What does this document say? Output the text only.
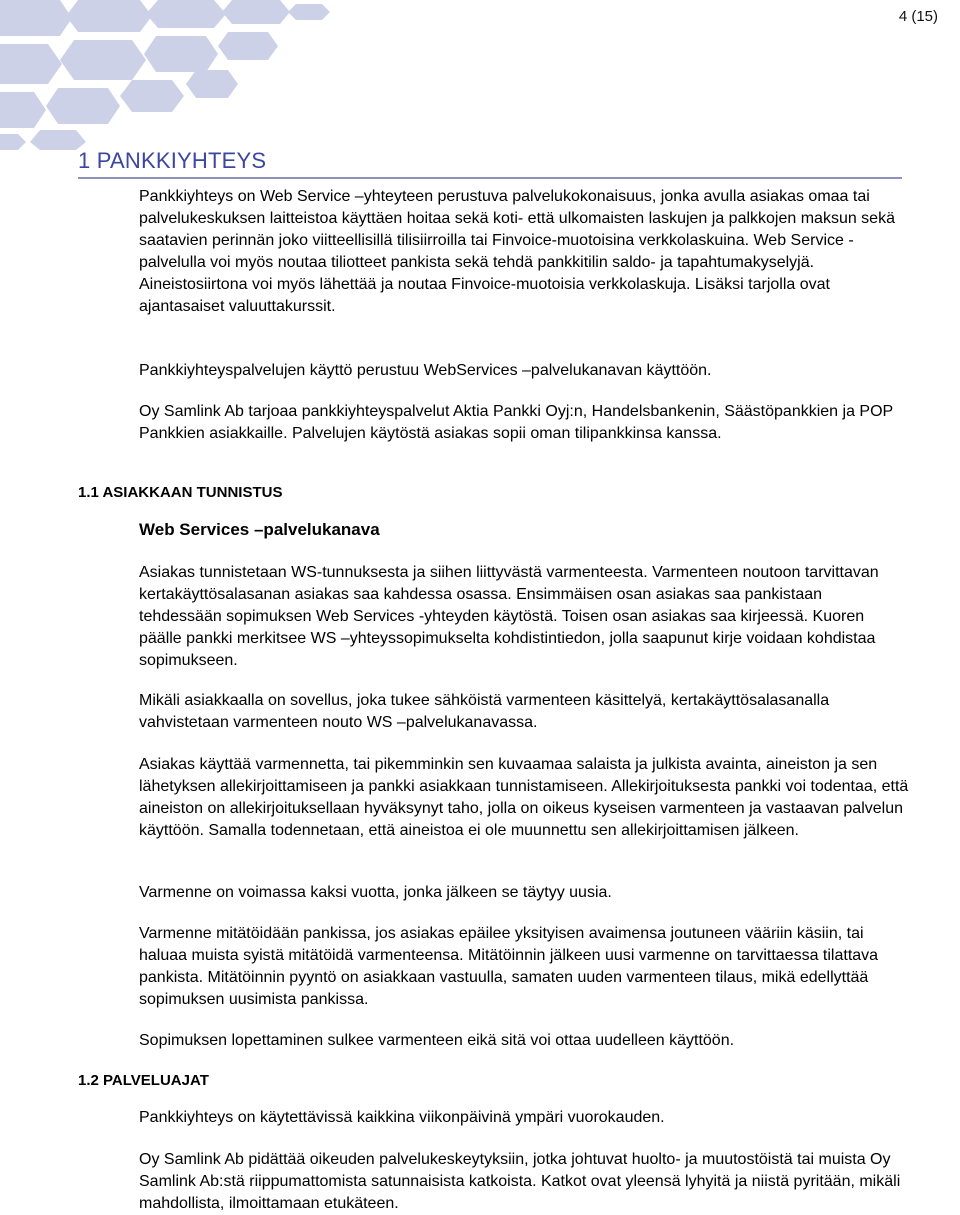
4 (15)
1 PANKKIYHTEYS
Pankkiyhteys on Web Service –yhteyteen perustuva palvelukokonaisuus, jonka avulla asiakas omaa tai palvelukeskuksen laitteistoa käyttäen hoitaa sekä koti- että ulkomaisten laskujen ja palkkojen maksun sekä saatavien perinnän joko viitteellisillä tilisiirroilla tai Finvoice-muotoisina verkkolaskuina. Web Service -palvelulla voi myös noutaa tiliotteet pankista sekä tehdä pankkitilin saldo- ja tapahtumakyselyjä. Aineistosiirtona voi myös lähettää ja noutaa Finvoice-muotoisia verkkolaskuja. Lisäksi tarjolla ovat ajantasaiset valuuttakurssit.
Pankkiyhteyspalvelujen käyttö perustuu WebServices –palvelukanavan käyttöön.
Oy Samlink Ab tarjoaa pankkiyhteyspalvelut Aktia Pankki Oyj:n, Handelsbankenin, Säästöpankkien ja POP Pankkien asiakkaille. Palvelujen käytöstä asiakas sopii oman tilipankkinsa kanssa.
1.1 ASIAKKAAN TUNNISTUS
Web Services –palvelukanava
Asiakas tunnistetaan WS-tunnuksesta ja siihen liittyvästä varmenteesta. Varmenteen noutoon tarvittavan kertakäyttösalasanan asiakas saa kahdessa osassa. Ensimmäisen osan asiakas saa pankistaan tehdessään sopimuksen Web Services -yhteyden käytöstä. Toisen osan asiakas saa kirjeessä. Kuoren päälle pankki merkitsee WS –yhteyssopimukselta kohdistintiedon, jolla saapunut kirje voidaan kohdistaa sopimukseen.
Mikäli asiakkaalla on sovellus, joka tukee sähköistä varmenteen käsittelyä, kertakäyttösalasanalla vahvistetaan varmenteen nouto WS –palvelukanavassa.
Asiakas käyttää varmennetta, tai pikemminkin sen kuvaamaa salaista ja julkista avainta, aineiston ja sen lähetyksen allekirjoittamiseen ja pankki asiakkaan tunnistamiseen. Allekirjoituksesta pankki voi todentaa, että aineiston on allekirjoituksellaan hyväksynyt taho, jolla on oikeus kyseisen varmenteen ja vastaavan palvelun käyttöön. Samalla todennetaan, että aineistoa ei ole muunnettu sen allekirjoittamisen jälkeen.
Varmenne on voimassa kaksi vuotta, jonka jälkeen se täytyy uusia.
Varmenne mitätöidään pankissa, jos asiakas epäilee yksityisen avaimensa joutuneen vääriin käsiin, tai haluaa muista syistä mitätöidä varmenteensa. Mitätöinnin jälkeen uusi varmenne on tarvittaessa tilattava pankista. Mitätöinnin pyyntö on asiakkaan vastuulla, samaten uuden varmenteen tilaus, mikä edellyttää sopimuksen uusimista pankissa.
Sopimuksen lopettaminen sulkee varmenteen eikä sitä voi ottaa uudelleen käyttöön.
1.2 PALVELUAJAT
Pankkiyhteys on käytettävissä kaikkina viikonpäivinä ympäri vuorokauden.
Oy Samlink Ab pidättää oikeuden palvelukeskeytyksiin, jotka johtuvat huolto- ja muutostöistä tai muista Oy Samlink Ab:stä riippumattomista satunnaisista katkoista. Katkot ovat yleensä lyhyitä ja niistä pyritään, mikäli mahdollista, ilmoittamaan etukäteen.
